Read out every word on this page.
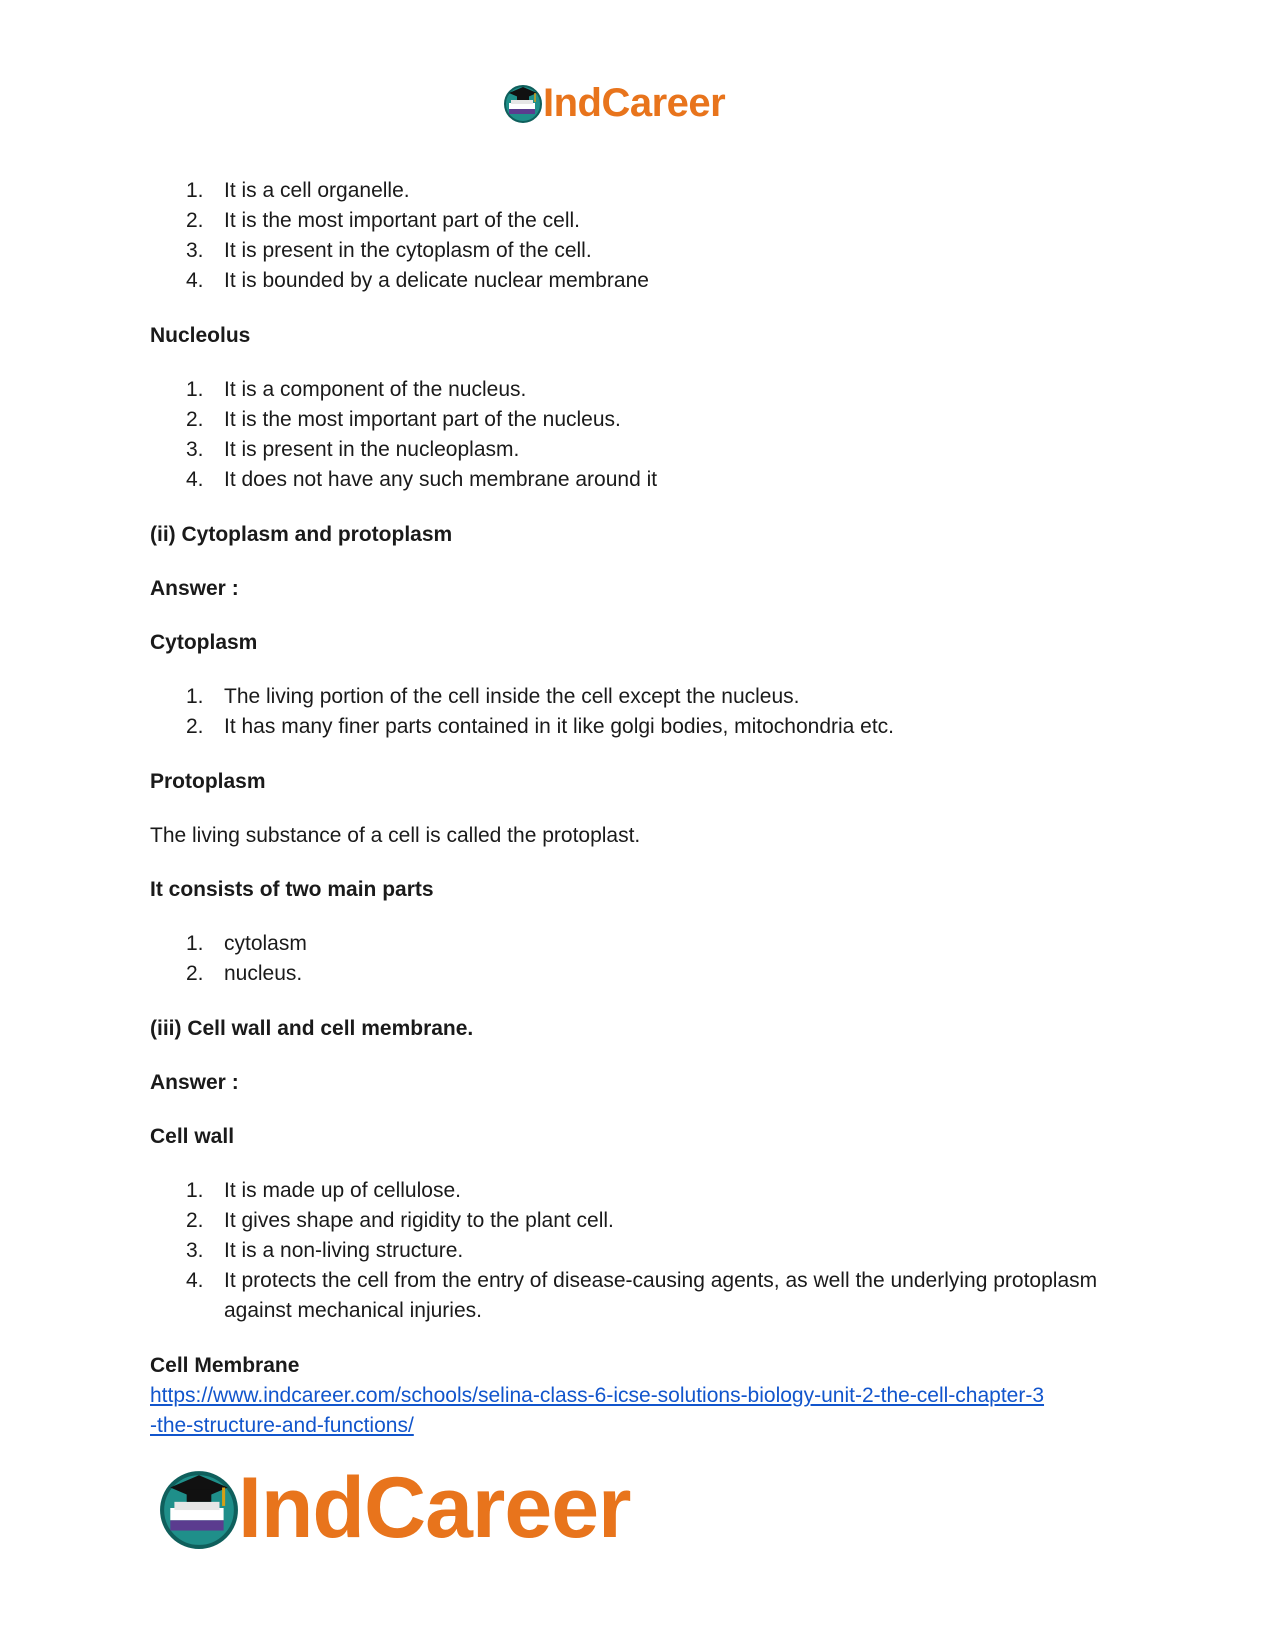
IndCareer
1. It is a cell organelle.
2. It is the most important part of the cell.
3. It is present in the cytoplasm of the cell.
4. It is bounded by a delicate nuclear membrane

Nucleolus

1. It is a component of the nucleus.
2. It is the most important part of the nucleus.
3. It is present in the nucleoplasm.
4. It does not have any such membrane around it

(ii) Cytoplasm and protoplasm

Answer :

Cytoplasm

1. The living portion of the cell inside the cell except the nucleus.
2. It has many finer parts contained in it like golgi bodies, mitochondria etc.

Protoplasm

The living substance of a cell is called the protoplast.

It consists of two main parts

1. cytolasm
2. nucleus.

(iii) Cell wall and cell membrane.

Answer :

Cell wall

1. It is made up of cellulose.
2. It gives shape and rigidity to the plant cell.
3. It is a non-living structure.
4. It protects the cell from the entry of disease-causing agents, as well the underlying protoplasm against mechanical injuries.

Cell Membrane

https://www.indcareer.com/schools/selina-class-6-icse-solutions-biology-unit-2-the-cell-chapter-3
-the-structure-and-functions/
IndCareer
